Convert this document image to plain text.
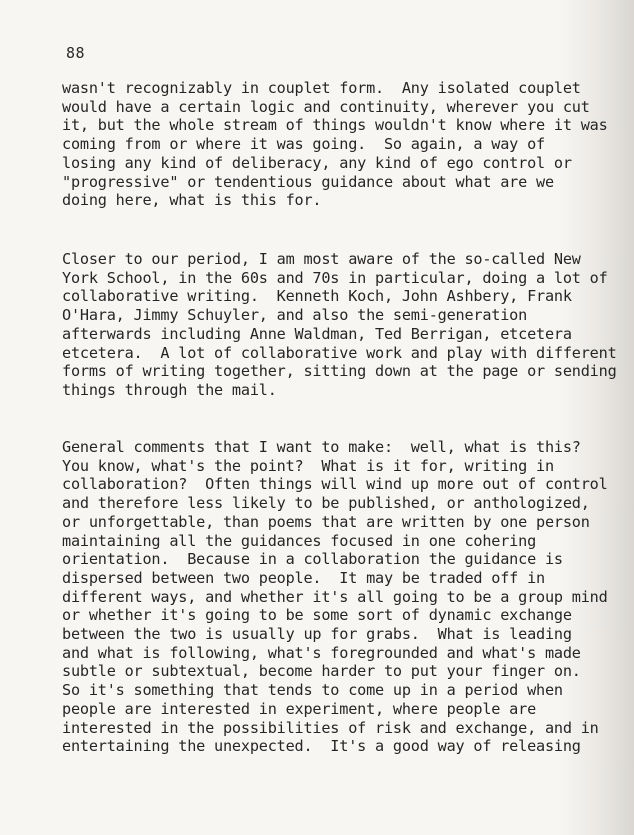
88
wasn't recognizably in couplet form.  Any isolated couplet
would have a certain logic and continuity, wherever you cut
it, but the whole stream of things wouldn't know where it was
coming from or where it was going.  So again, a way of
losing any kind of deliberacy, any kind of ego control or
"progressive" or tendentious guidance about what are we
doing here, what is this for.
Closer to our period, I am most aware of the so-called New
York School, in the 60s and 70s in particular, doing a lot of
collaborative writing.  Kenneth Koch, John Ashbery, Frank
O'Hara, Jimmy Schuyler, and also the semi-generation
afterwards including Anne Waldman, Ted Berrigan, etcetera
etcetera.  A lot of collaborative work and play with different
forms of writing together, sitting down at the page or sending
things through the mail.
General comments that I want to make:  well, what is this?
You know, what's the point?  What is it for, writing in
collaboration?  Often things will wind up more out of control
and therefore less likely to be published, or anthologized,
or unforgettable, than poems that are written by one person
maintaining all the guidances focused in one cohering
orientation.  Because in a collaboration the guidance is
dispersed between two people.  It may be traded off in
different ways, and whether it's all going to be a group mind
or whether it's going to be some sort of dynamic exchange
between the two is usually up for grabs.  What is leading
and what is following, what's foregrounded and what's made
subtle or subtextual, become harder to put your finger on.
So it's something that tends to come up in a period when
people are interested in experiment, where people are
interested in the possibilities of risk and exchange, and in
entertaining the unexpected.  It's a good way of releasing
